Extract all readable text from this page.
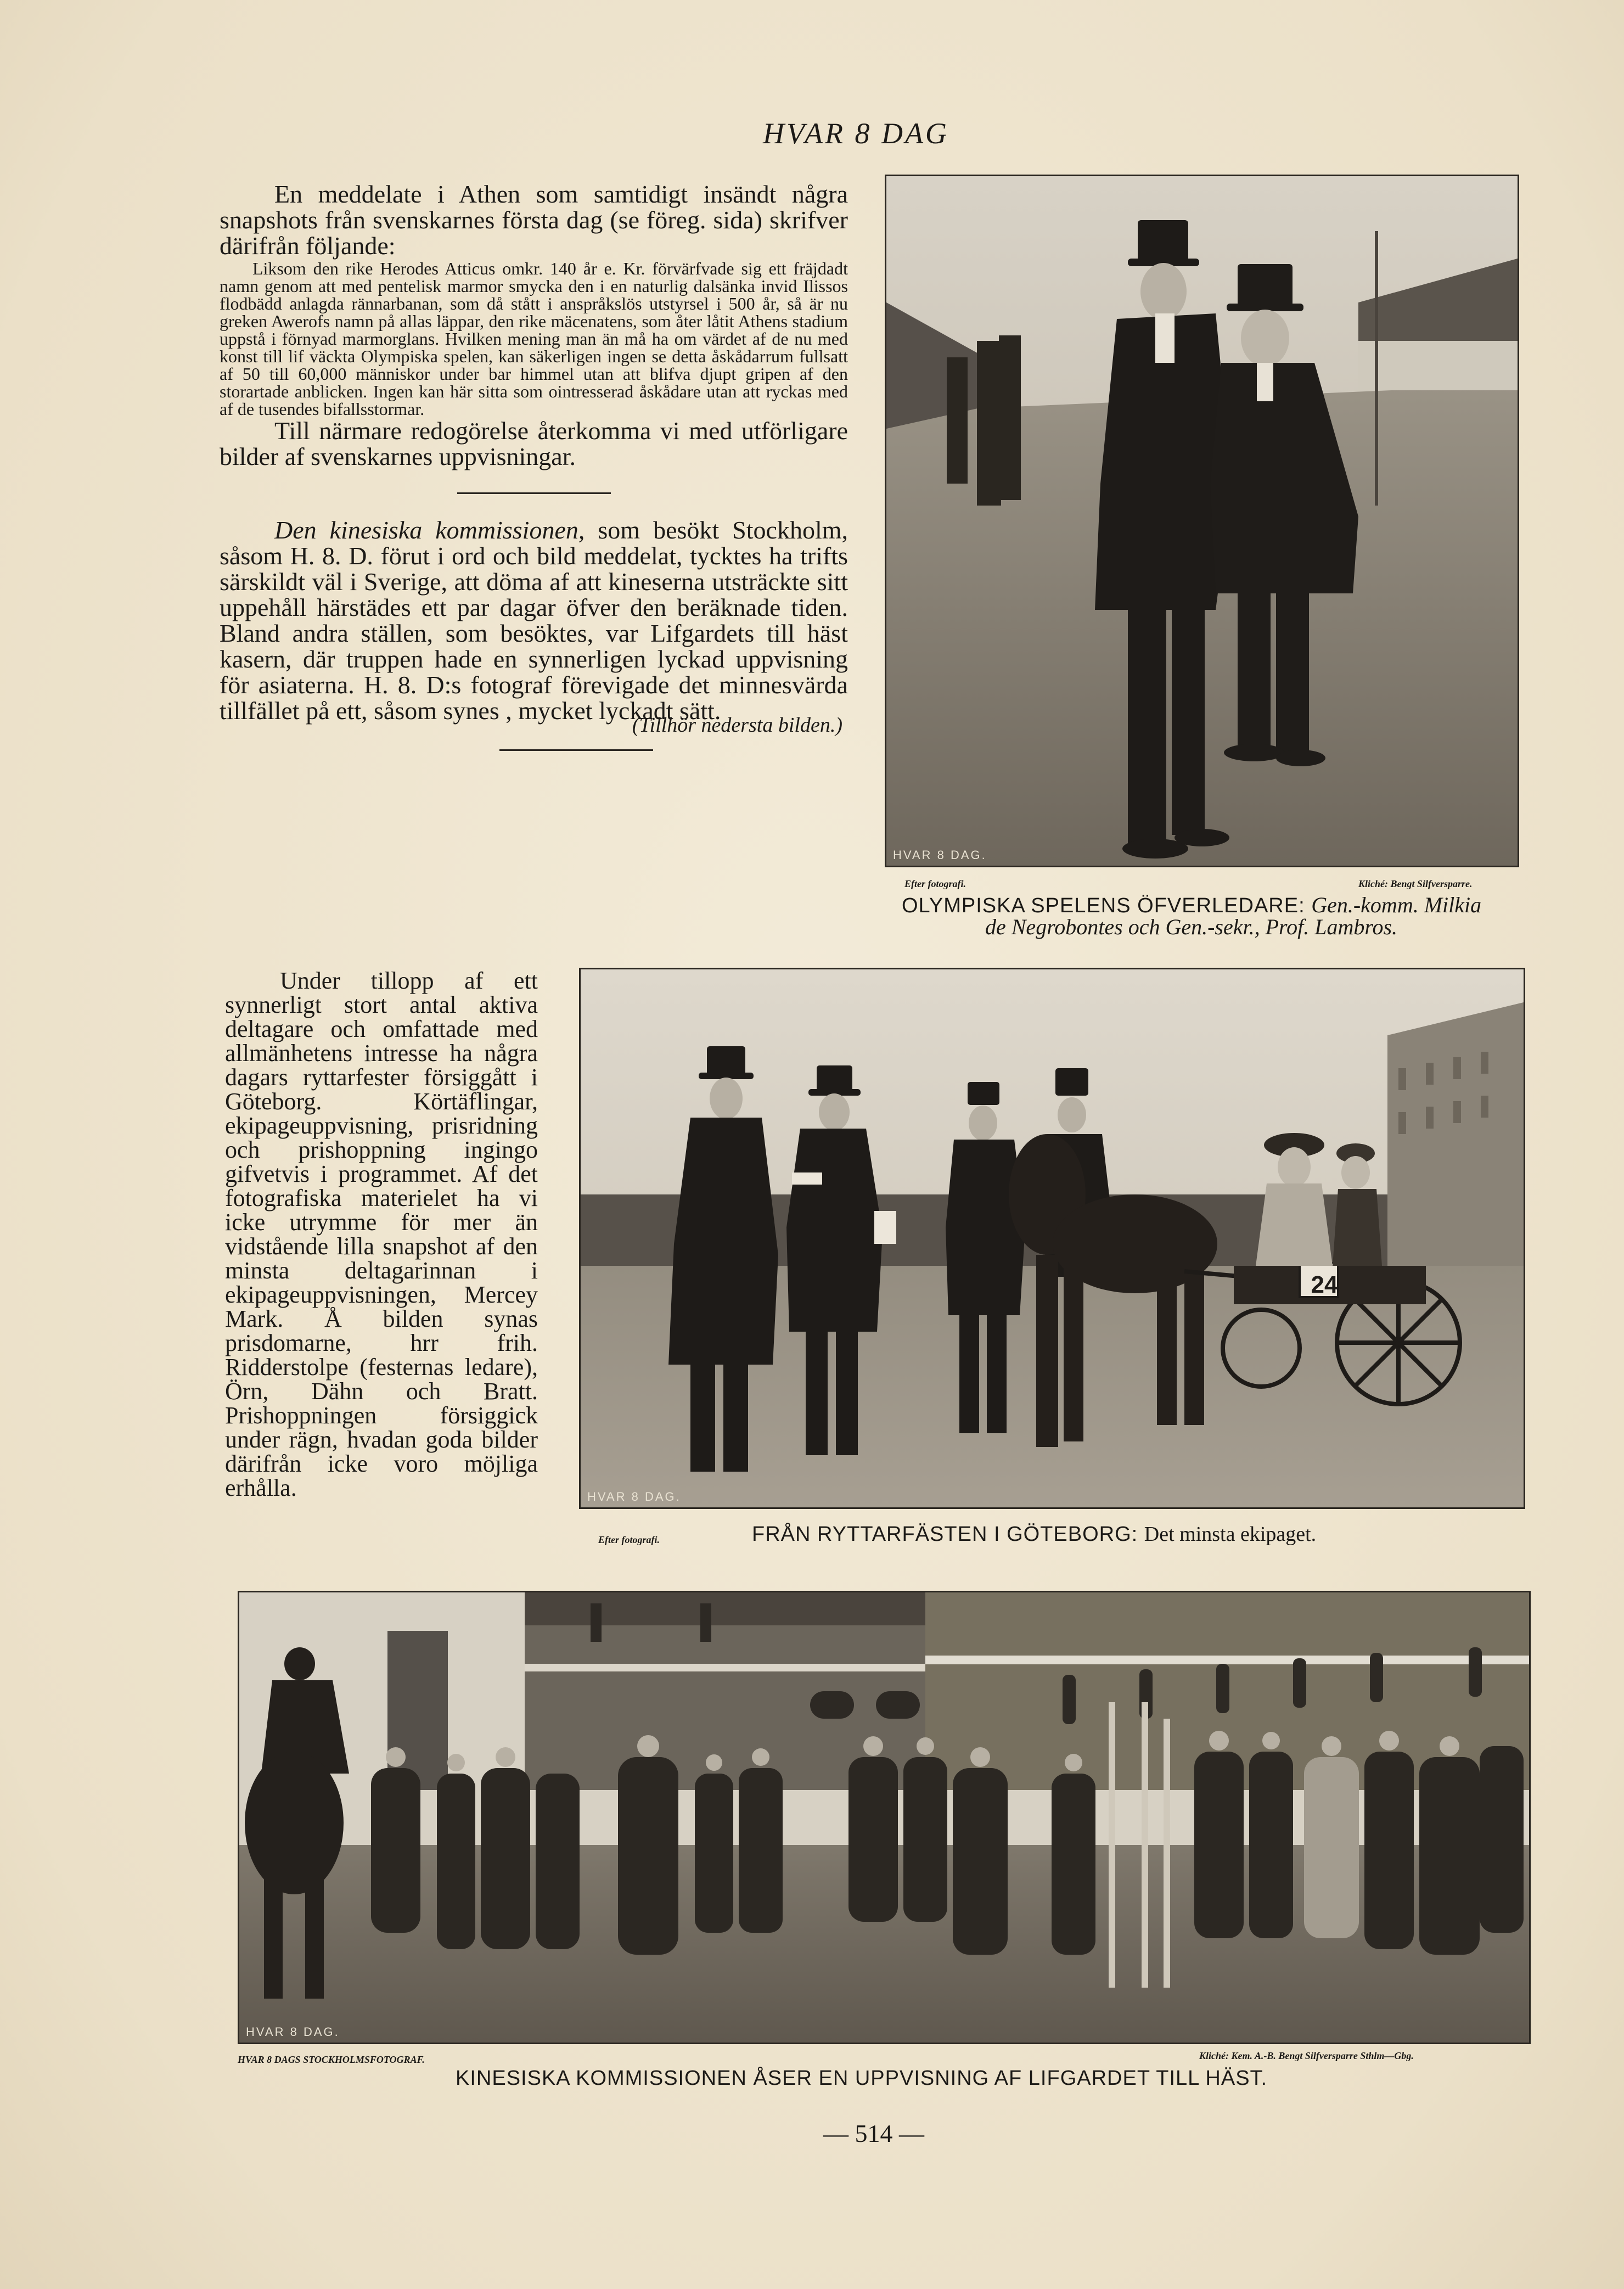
HVAR 8 DAG

En meddelate i Athen som samtidigt insändt några snapshots från svenskarnes första dag (se föreg. sida) skrifver därifrån följande:

Liksom den rike Herodes Atticus omkr. 140 år e. Kr. förvärfvade sig ett fräjdadt namn genom att med pentelisk marmor smycka den i en naturlig dalsänka invid Ilissos flodbädd anlagda rännarbanan, som då stått i anspråkslös utstyrsel i 500 år, så är nu greken Awerofs namn på allas läppar, den rike mäcenatens, som åter låtit Athens stadium uppstå i förnyad marmorglans. Hvilken mening man än må ha om värdet af de nu med konst till lif väckta Olympiska spelen, kan säkerligen ingen se detta åskådarrum fullsatt af 50 till 60,000 människor under bar himmel utan att blifva djupt gripen af den storartade anblicken. Ingen kan här sitta som ointresserad åskådare utan att ryckas med af de tusendes bifallsstormar.

Till närmare redogörelse återkomma vi med utförligare bilder af svenskarnes uppvisningar.

Den kinesiska kommissionen, som besökt Stockholm, såsom H. 8. D. förut i ord och bild meddelat, tycktes ha trifts särskildt väl i Sverige, att döma af att kineserna utsträckte sitt uppehåll härstädes ett par dagar öfver den beräknade tiden. Bland andra ställen, som besöktes, var Lifgardets till häst kasern, där truppen hade en synnerligen lyckad uppvisning för asiaterna. H. 8. D:s fotograf förevigade det minnesvärda tillfället på ett, såsom synes , mycket lyckadt sätt.

(Tillhör nedersta bilden.)
HVAR 8 DAG.
Efter fotografi.	Kliché: Bengt Silfversparre.
OLYMPISKA SPELENS ÖFVERLEDARE: Gen.-komm. Milkia
de Negrobontes och Gen.-sekr., Prof. Lambros.

Under tillopp af ett synnerligt stort antal aktiva deltagare och omfattade med allmänhetens intresse ha några dagars ryttarfester försiggått i Göteborg. Körtäflingar, ekipageuppvisning, prisridning och prishoppning ingingo gifvetvis i programmet. Af det fotografiska materielet ha vi icke utrymme för mer än vidstående lilla snapshot af den minsta deltagarinnan i ekipageuppvisningen, Mercey Mark. Å bilden synas prisdomarne, hrr frih. Ridderstolpe (festernas ledare), Örn, Dähn och Bratt. Prishoppningen försiggick under rägn, hvadan goda bilder därifrån icke voro möjliga erhålla.	HVAR 8 DAG.
24
Efter fotografi.	FRÅN RYTTARFÄSTEN I GÖTEBORG: Det minsta ekipaget.
HVAR 8 DAG.
HVAR 8 DAGS STOCKHOLMSFOTOGRAF.	Kliché: Kem. A.-B. Bengt Silfversparre Sthlm—Gbg.
KINESISKA KOMMISSIONEN ÅSER EN UPPVISNING AF LIFGARDET TILL HÄST.
— 514 —
